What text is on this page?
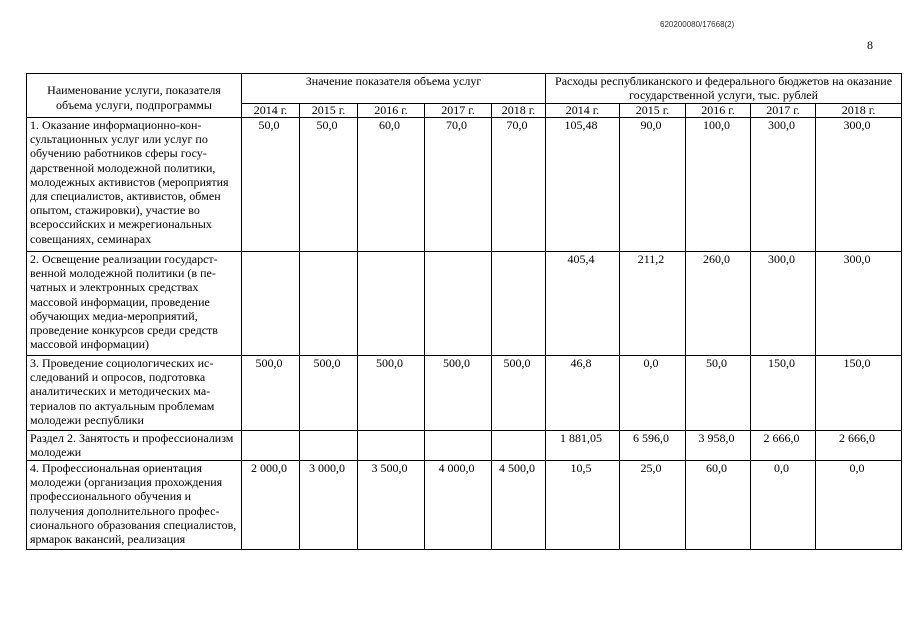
620200080/17668(2)
8
Наименование услуги, показателя объема услуги, подпрограммы	Значение показателя объема услуг					Расходы республиканского и федерального бюджетов на оказание государственной услуги, тыс. рублей				
	2014 г.	2015 г.	2016 г.	2017 г.	2018 г.	2014 г.	2015 г.	2016 г.	2017 г.	2018 г.
1. Оказание информационно-консультационных услуг или услуг по обучению работников сферы государственной молодежной политики, молодежных активистов (мероприятия для специалистов, активистов, обмен опытом, стажировки), участие во всероссийских и межрегиональных совещаниях, семинарах	50,0	50,0	60,0	70,0	70,0	105,48	90,0	100,0	300,0	300,0
2. Освещение реализации государственной молодежной политики (в печатных и электронных средствах массовой информации, проведение обучающих медиа-мероприятий, проведение конкурсов среди средств массовой информации)						405,4	211,2	260,0	300,0	300,0
3. Проведение социологических исследований и опросов, подготовка аналитических и методических материалов по актуальным проблемам молодежи республики	500,0	500,0	500,0	500,0	500,0	46,8	0,0	50,0	150,0	150,0
Раздел 2. Занятость и профессионализм молодежи						1 881,05	6 596,0	3 958,0	2 666,0	2 666,0
4. Профессиональная ориентация молодежи (организация прохождения профессионального обучения и получения дополнительного профессионального образования специалистов, ярмарок вакансий, реализация	2 000,0	3 000,0	3 500,0	4 000,0	4 500,0	10,5	25,0	60,0	0,0	0,0
